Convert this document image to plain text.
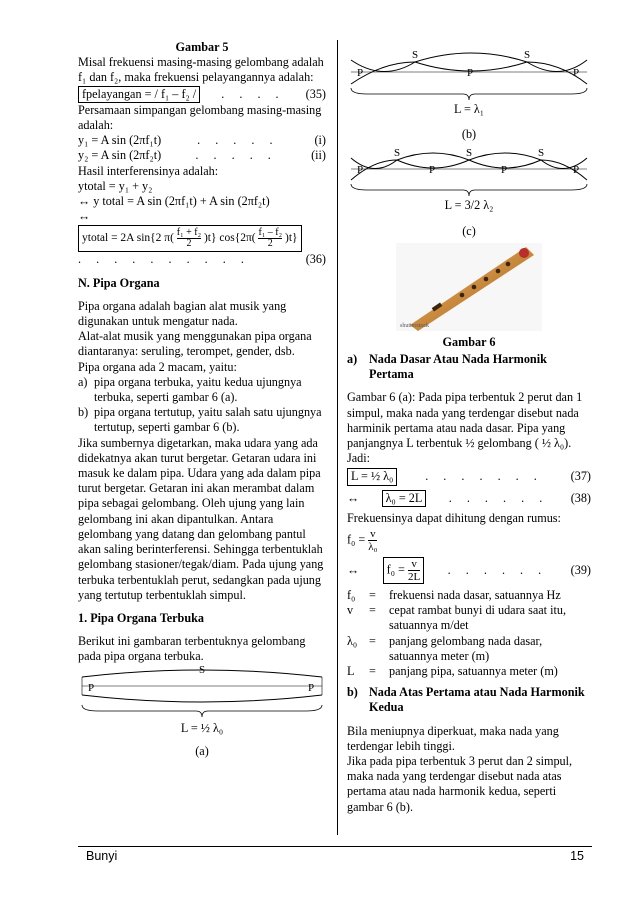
Gambar 5
Misal frekuensi masing-masing gelombang adalah f₁ dan f₂, maka frekuensi pelayangannya adalah:
fpelayangan = / f₁ – f₂ /	. . . . (35)
Persamaan simpangan gelombang masing-masing adalah:
y₁ = A sin (2πf₁t)	. . . . .	(i)
y₂ = A sin (2πf₂t)	. . . . .	(ii)
Hasil interferensinya adalah:
ytotal = y₁ + y₂
↔ y total = A sin (2πf₁t) + A sin (2πf₂t)
↔
ytotal = 2A sin{2 $\pi( \frac{\text{f₁ + f₂}}{2} )t$} $\cos\{2\pi( \frac{\text{f₁ – f₂}}{2} )t\}$
. . . . . . . . . .	(36)
N. Pipa Organa
Pipa organa adalah bagian alat musik yang digunakan untuk mengatur nada.
Alat-alat musik yang menggunakan pipa organa diantaranya: seruling, terompet, gender, dsb.
Pipa organa ada 2 macam, yaitu:
a) pipa organa terbuka, yaitu kedua ujungnya terbuka, seperti gambar 6 (a).
b) pipa organa tertutup, yaitu salah satu ujungnya tertutup, seperti gambar 6 (b).
Jika sumbernya digetarkan, maka udara yang ada didekatnya akan turut bergetar. Getaran udara ini masuk ke dalam pipa. Udara yang ada dalam pipa turut bergetar. Getaran ini akan merambat dalam pipa sebagai gelombang. Oleh ujung yang lain gelombang ini akan dipantulkan. Antara gelombang yang datang dan gelombang pantul akan saling berinterferensi. Sehingga terbentuklah gelombang stasioner/tegak/diam. Pada ujung yang terbuka terbentuklah perut, sedangkan pada ujung yang tertutup terbentuklah simpul.
1. Pipa Organa Terbuka
Berikut ini gambaran terbentuknya gelombang pada pipa organa terbuka.
S
P	P
L = ½ λ₀
(a)
S	S
P	P	P
L = λ₁
(b)
S	S	S
P	P	P	P
L = 3/2 λ₂
(c)
shutterstock
Gambar 6
a) Nada Dasar Atau Nada Harmonik Pertama
Gambar 6 (a): Pada pipa terbentuk 2 perut dan 1 simpul, maka nada yang terdengar disebut nada harminik pertama atau nada dasar. Pipa yang panjangnya L terbentuk ½ gelombang ( ½ λ₀). Jadi:
L = ½ λ₀	. . . . . . . (37)
↔	λ₀ = 2L	. . . . . . (38)
Frekuensinya dapat dihitung dengan rumus:
$f_0 = \frac{v}{\text{λ₀}}$
↔	$f_0 = \frac{v}{2L}$ . . . . . . (39)
f₀	=	frekuensi nada dasar, satuannya Hz
v	=	cepat rambat bunyi di udara saat itu, satuannya m/det
λ₀ =	panjang gelombang nada dasar, satuannya meter (m)
L	=	panjang pipa, satuannya meter (m)
b) Nada Atas Pertama atau Nada Harmonik Kedua
Bila meniupnya diperkuat, maka nada yang terdengar lebih tinggi.
Jika pada pipa terbentuk 3 perut dan 2 simpul, maka nada yang terdengar disebut nada atas pertama atau nada harmonik kedua, seperti gambar 6 (b).
Bunyi	15
